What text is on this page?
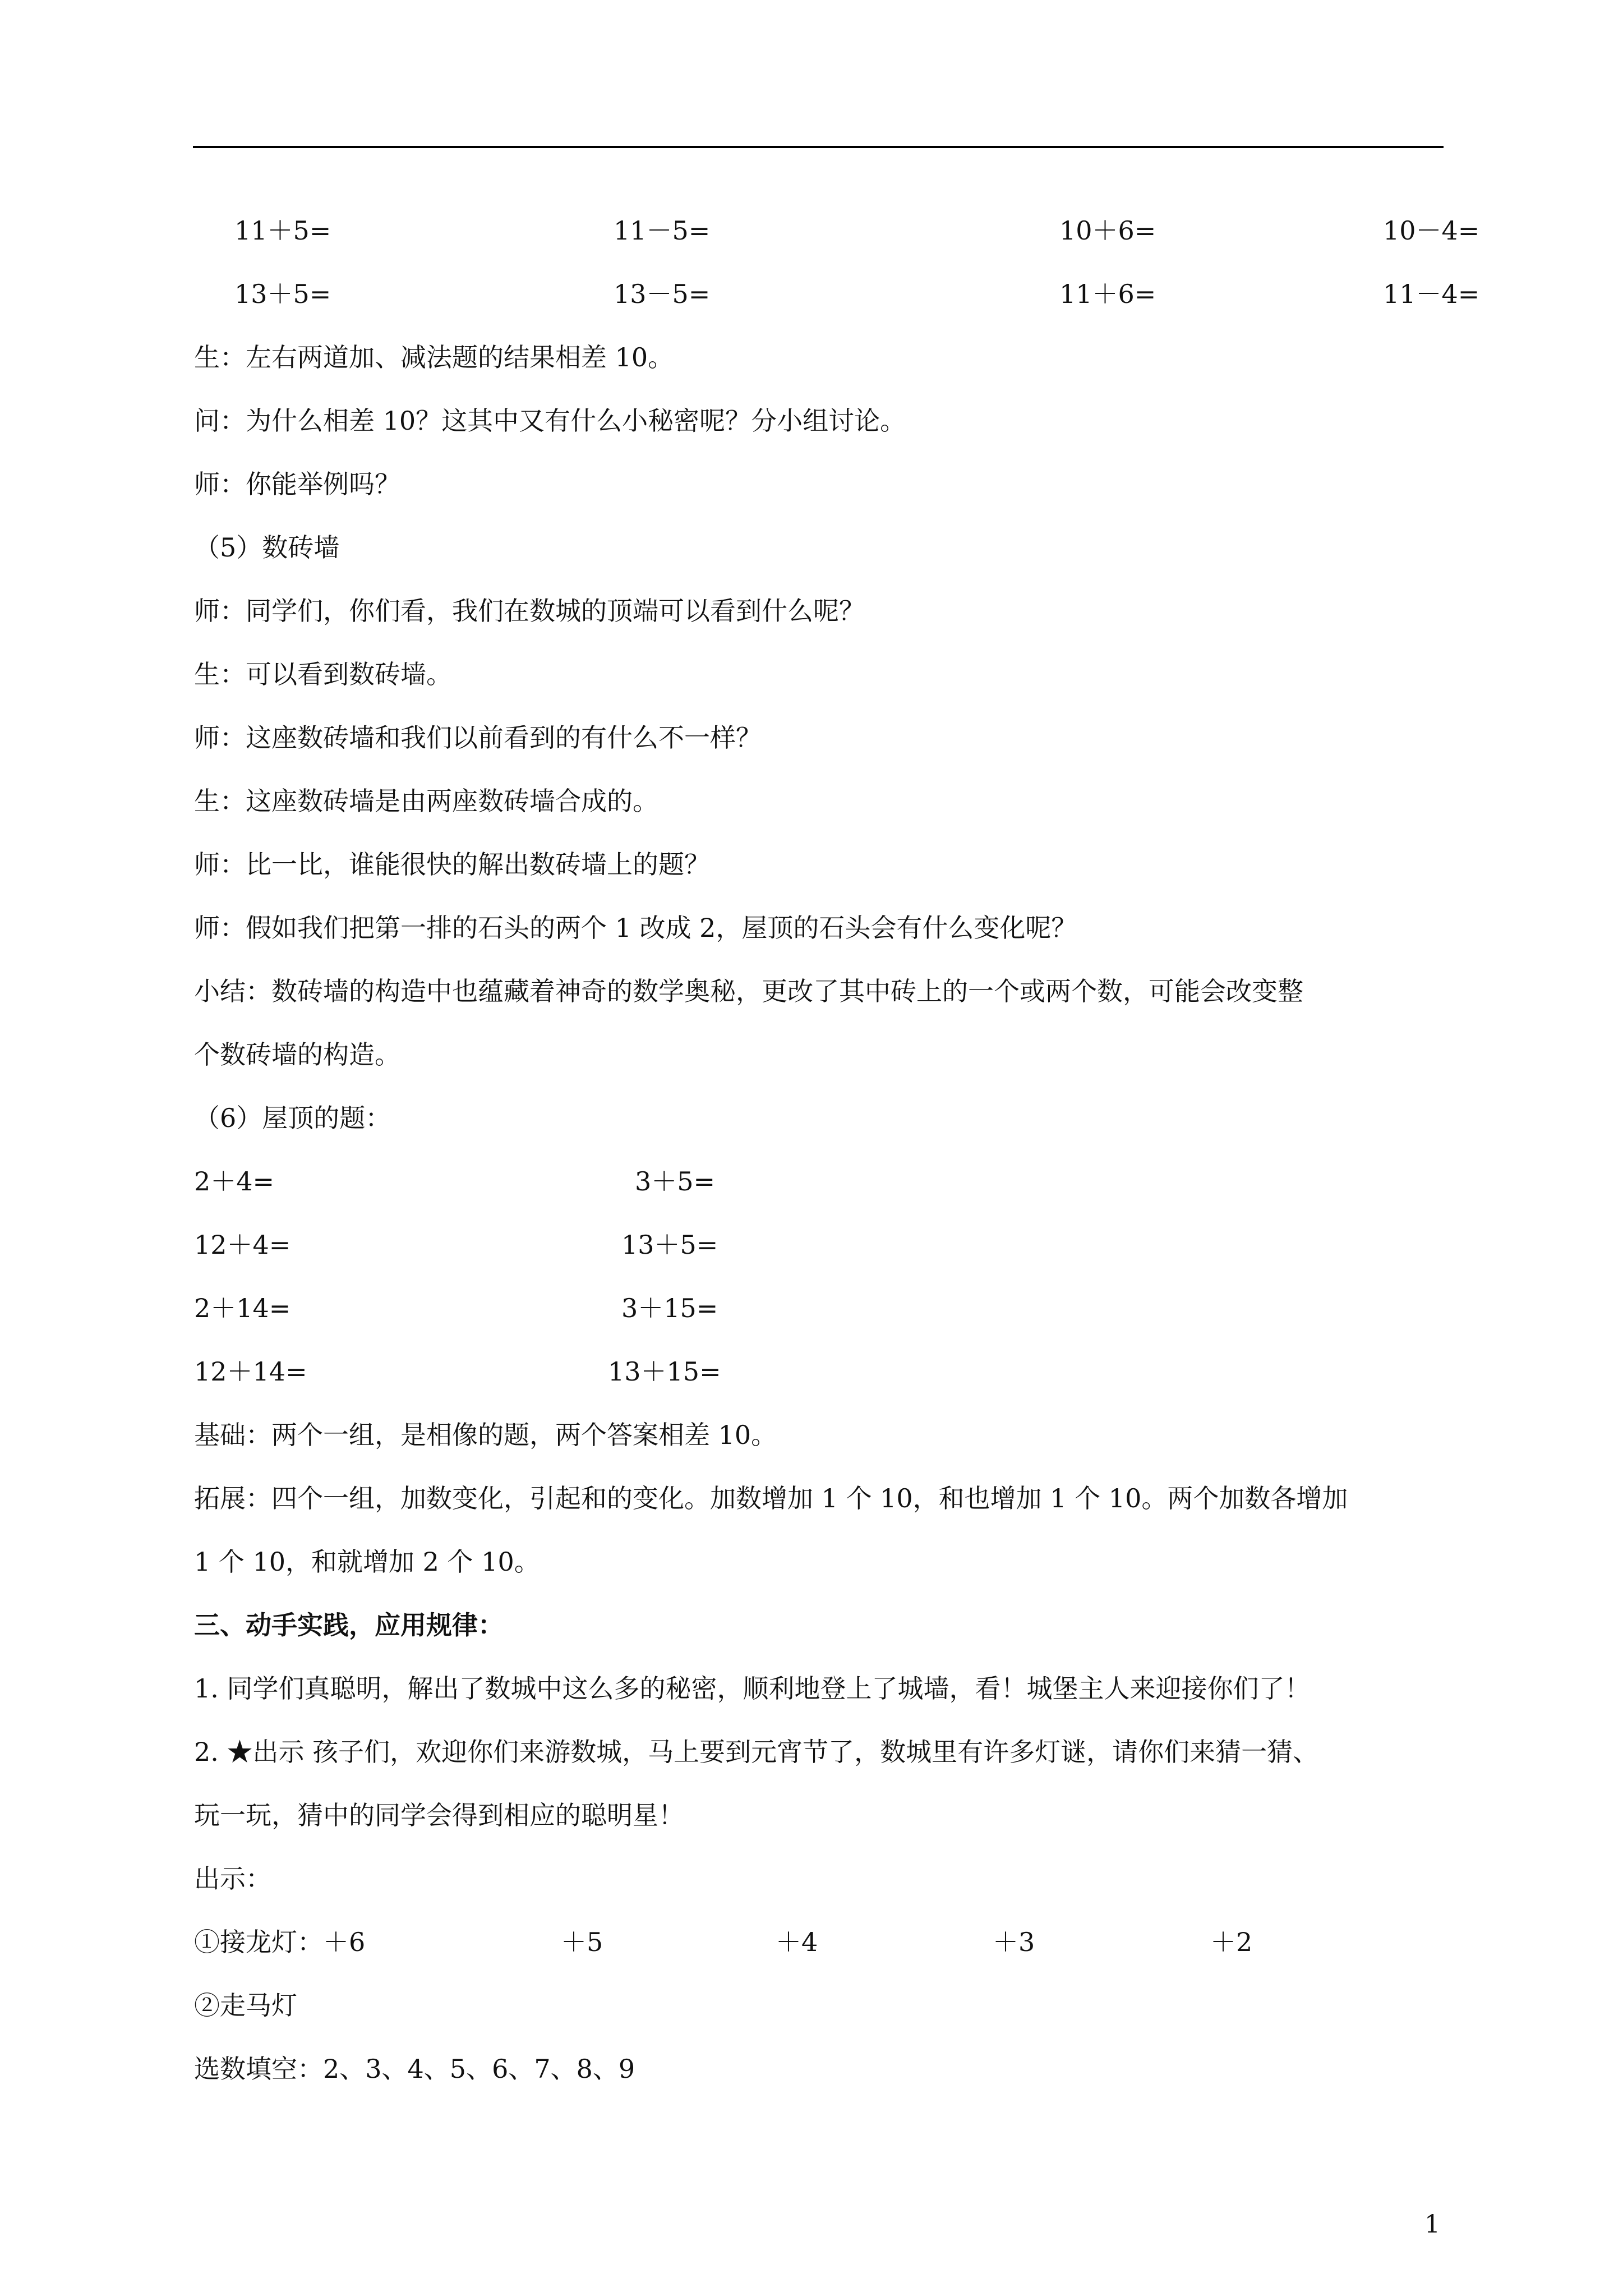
11＋5=	11－5=	10＋6=	10－4=
13＋5=	13－5=	11＋6=	11－4=
生：左右两道加、减法题的结果相差 10。
问：为什么相差 10？这其中又有什么小秘密呢？分小组讨论。
师：你能举例吗？
（5）数砖墙
师：同学们，你们看，我们在数城的顶端可以看到什么呢？
生：可以看到数砖墙。
师：这座数砖墙和我们以前看到的有什么不一样？
生：这座数砖墙是由两座数砖墙合成的。
师：比一比，谁能很快的解出数砖墙上的题？
师：假如我们把第一排的石头的两个 1 改成 2，屋顶的石头会有什么变化呢？
小结：数砖墙的构造中也蕴藏着神奇的数学奥秘，更改了其中砖上的一个或两个数，可能会改变整
个数砖墙的构造。
（6）屋顶的题：
2＋4=	3＋5=
12＋4=	13＋5=
2＋14=	3＋15=
12＋14=	13＋15=
基础：两个一组，是相像的题，两个答案相差 10。
拓展：四个一组，加数变化，引起和的变化。加数增加 1 个 10，和也增加 1 个 10。两个加数各增加
1 个 10，和就增加 2 个 10。
三、动手实践，应用规律：
1. 同学们真聪明，解出了数城中这么多的秘密，顺利地登上了城墙，看！城堡主人来迎接你们了！
2. ★出示 孩子们，欢迎你们来游数城，马上要到元宵节了，数城里有许多灯谜，请你们来猜一猜、
玩一玩，猜中的同学会得到相应的聪明星！
出示：
①接龙灯：＋6	＋5	＋4	＋3	＋2
②走马灯
选数填空：2、3、4、5、6、7、8、9
1
